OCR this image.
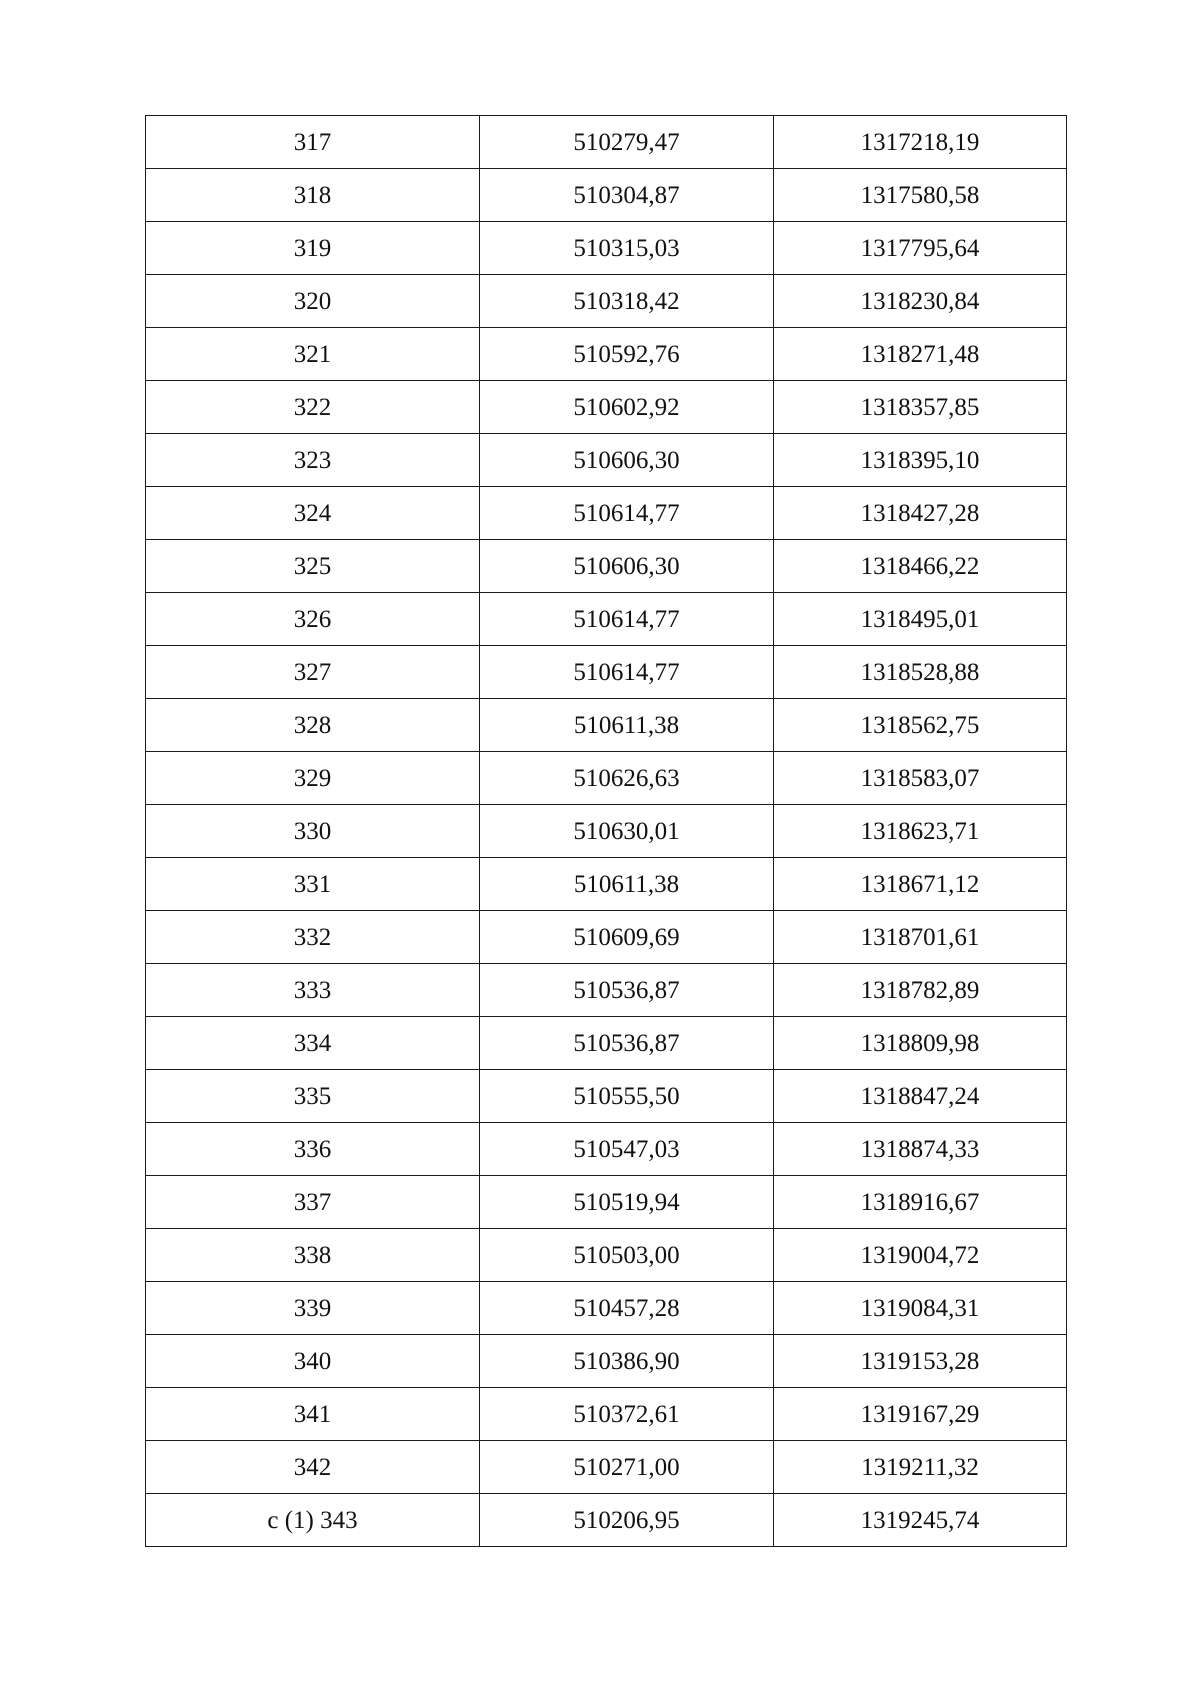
317	510279,47	1317218,19
318	510304,87	1317580,58
319	510315,03	1317795,64
320	510318,42	1318230,84
321	510592,76	1318271,48
322	510602,92	1318357,85
323	510606,30	1318395,10
324	510614,77	1318427,28
325	510606,30	1318466,22
326	510614,77	1318495,01
327	510614,77	1318528,88
328	510611,38	1318562,75
329	510626,63	1318583,07
330	510630,01	1318623,71
331	510611,38	1318671,12
332	510609,69	1318701,61
333	510536,87	1318782,89
334	510536,87	1318809,98
335	510555,50	1318847,24
336	510547,03	1318874,33
337	510519,94	1318916,67
338	510503,00	1319004,72
339	510457,28	1319084,31
340	510386,90	1319153,28
341	510372,61	1319167,29
342	510271,00	1319211,32
с (1) 343	510206,95	1319245,74
